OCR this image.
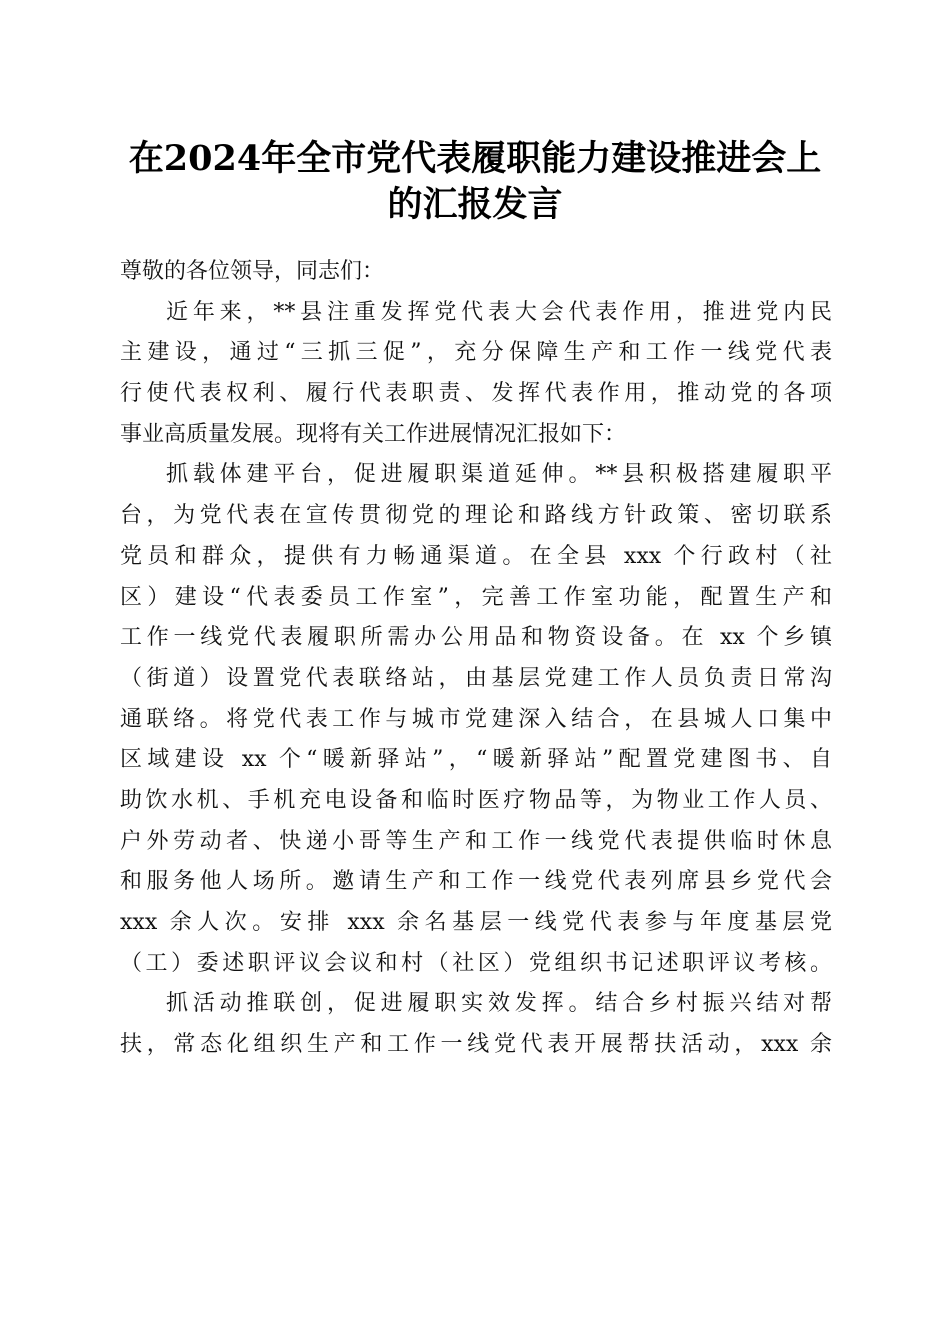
在2024年全市党代表履职能力建设推进会上
的汇报发言
尊敬的各位领导，同志们：
近年来，**县注重发挥党代表大会代表作用，推进党内民
主建设，通过“三抓三促”，充分保障生产和工作一线党代表
行使代表权利、履行代表职责、发挥代表作用，推动党的各项
事业高质量发展。现将有关工作进展情况汇报如下：
抓载体建平台，促进履职渠道延伸。**县积极搭建履职平
台，为党代表在宣传贯彻党的理论和路线方针政策、密切联系
党员和群众，提供有力畅通渠道。在全县 xxx 个行政村（社
区）建设“代表委员工作室”，完善工作室功能，配置生产和
工作一线党代表履职所需办公用品和物资设备。在 xx 个乡镇
（街道）设置党代表联络站，由基层党建工作人员负责日常沟
通联络。将党代表工作与城市党建深入结合，在县城人口集中
区域建设 xx 个“暖新驿站”，“暖新驿站”配置党建图书、自
助饮水机、手机充电设备和临时医疗物品等，为物业工作人员、
户外劳动者、快递小哥等生产和工作一线党代表提供临时休息
和服务他人场所。邀请生产和工作一线党代表列席县乡党代会
xxx 余人次。安排 xxx 余名基层一线党代表参与年度基层党
（工）委述职评议会议和村（社区）党组织书记述职评议考核。
抓活动推联创，促进履职实效发挥。结合乡村振兴结对帮
扶，常态化组织生产和工作一线党代表开展帮扶活动，xxx 余
